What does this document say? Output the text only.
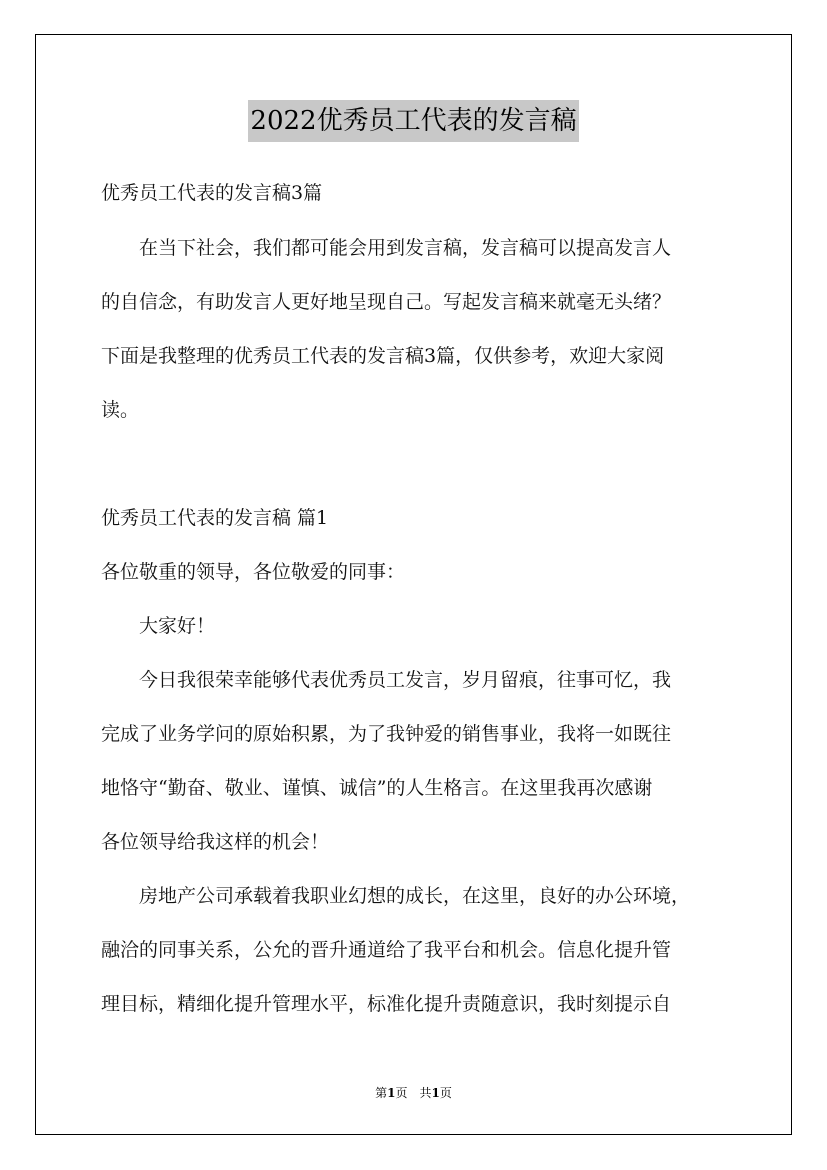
2022优秀员工代表的发言稿
优秀员工代表的发言稿3篇
　　在当下社会，我们都可能会用到发言稿，发言稿可以提高发言人
的自信念，有助发言人更好地呈现自己。写起发言稿来就毫无头绪？
下面是我整理的优秀员工代表的发言稿3篇，仅供参考，欢迎大家阅
读。
优秀员工代表的发言稿 篇1
各位敬重的领导，各位敬爱的同事：
　　大家好！
　　今日我很荣幸能够代表优秀员工发言，岁月留痕，往事可忆，我
完成了业务学问的原始积累，为了我钟爱的销售事业，我将一如既往
地恪守“勤奋、敬业、谨慎、诚信”的人生格言。在这里我再次感谢
各位领导给我这样的机会！
　　房地产公司承载着我职业幻想的成长，在这里，良好的办公环境，
融洽的同事关系，公允的晋升通道给了我平台和机会。信息化提升管
理目标，精细化提升管理水平，标准化提升责随意识，我时刻提示自
第1页　共1页
